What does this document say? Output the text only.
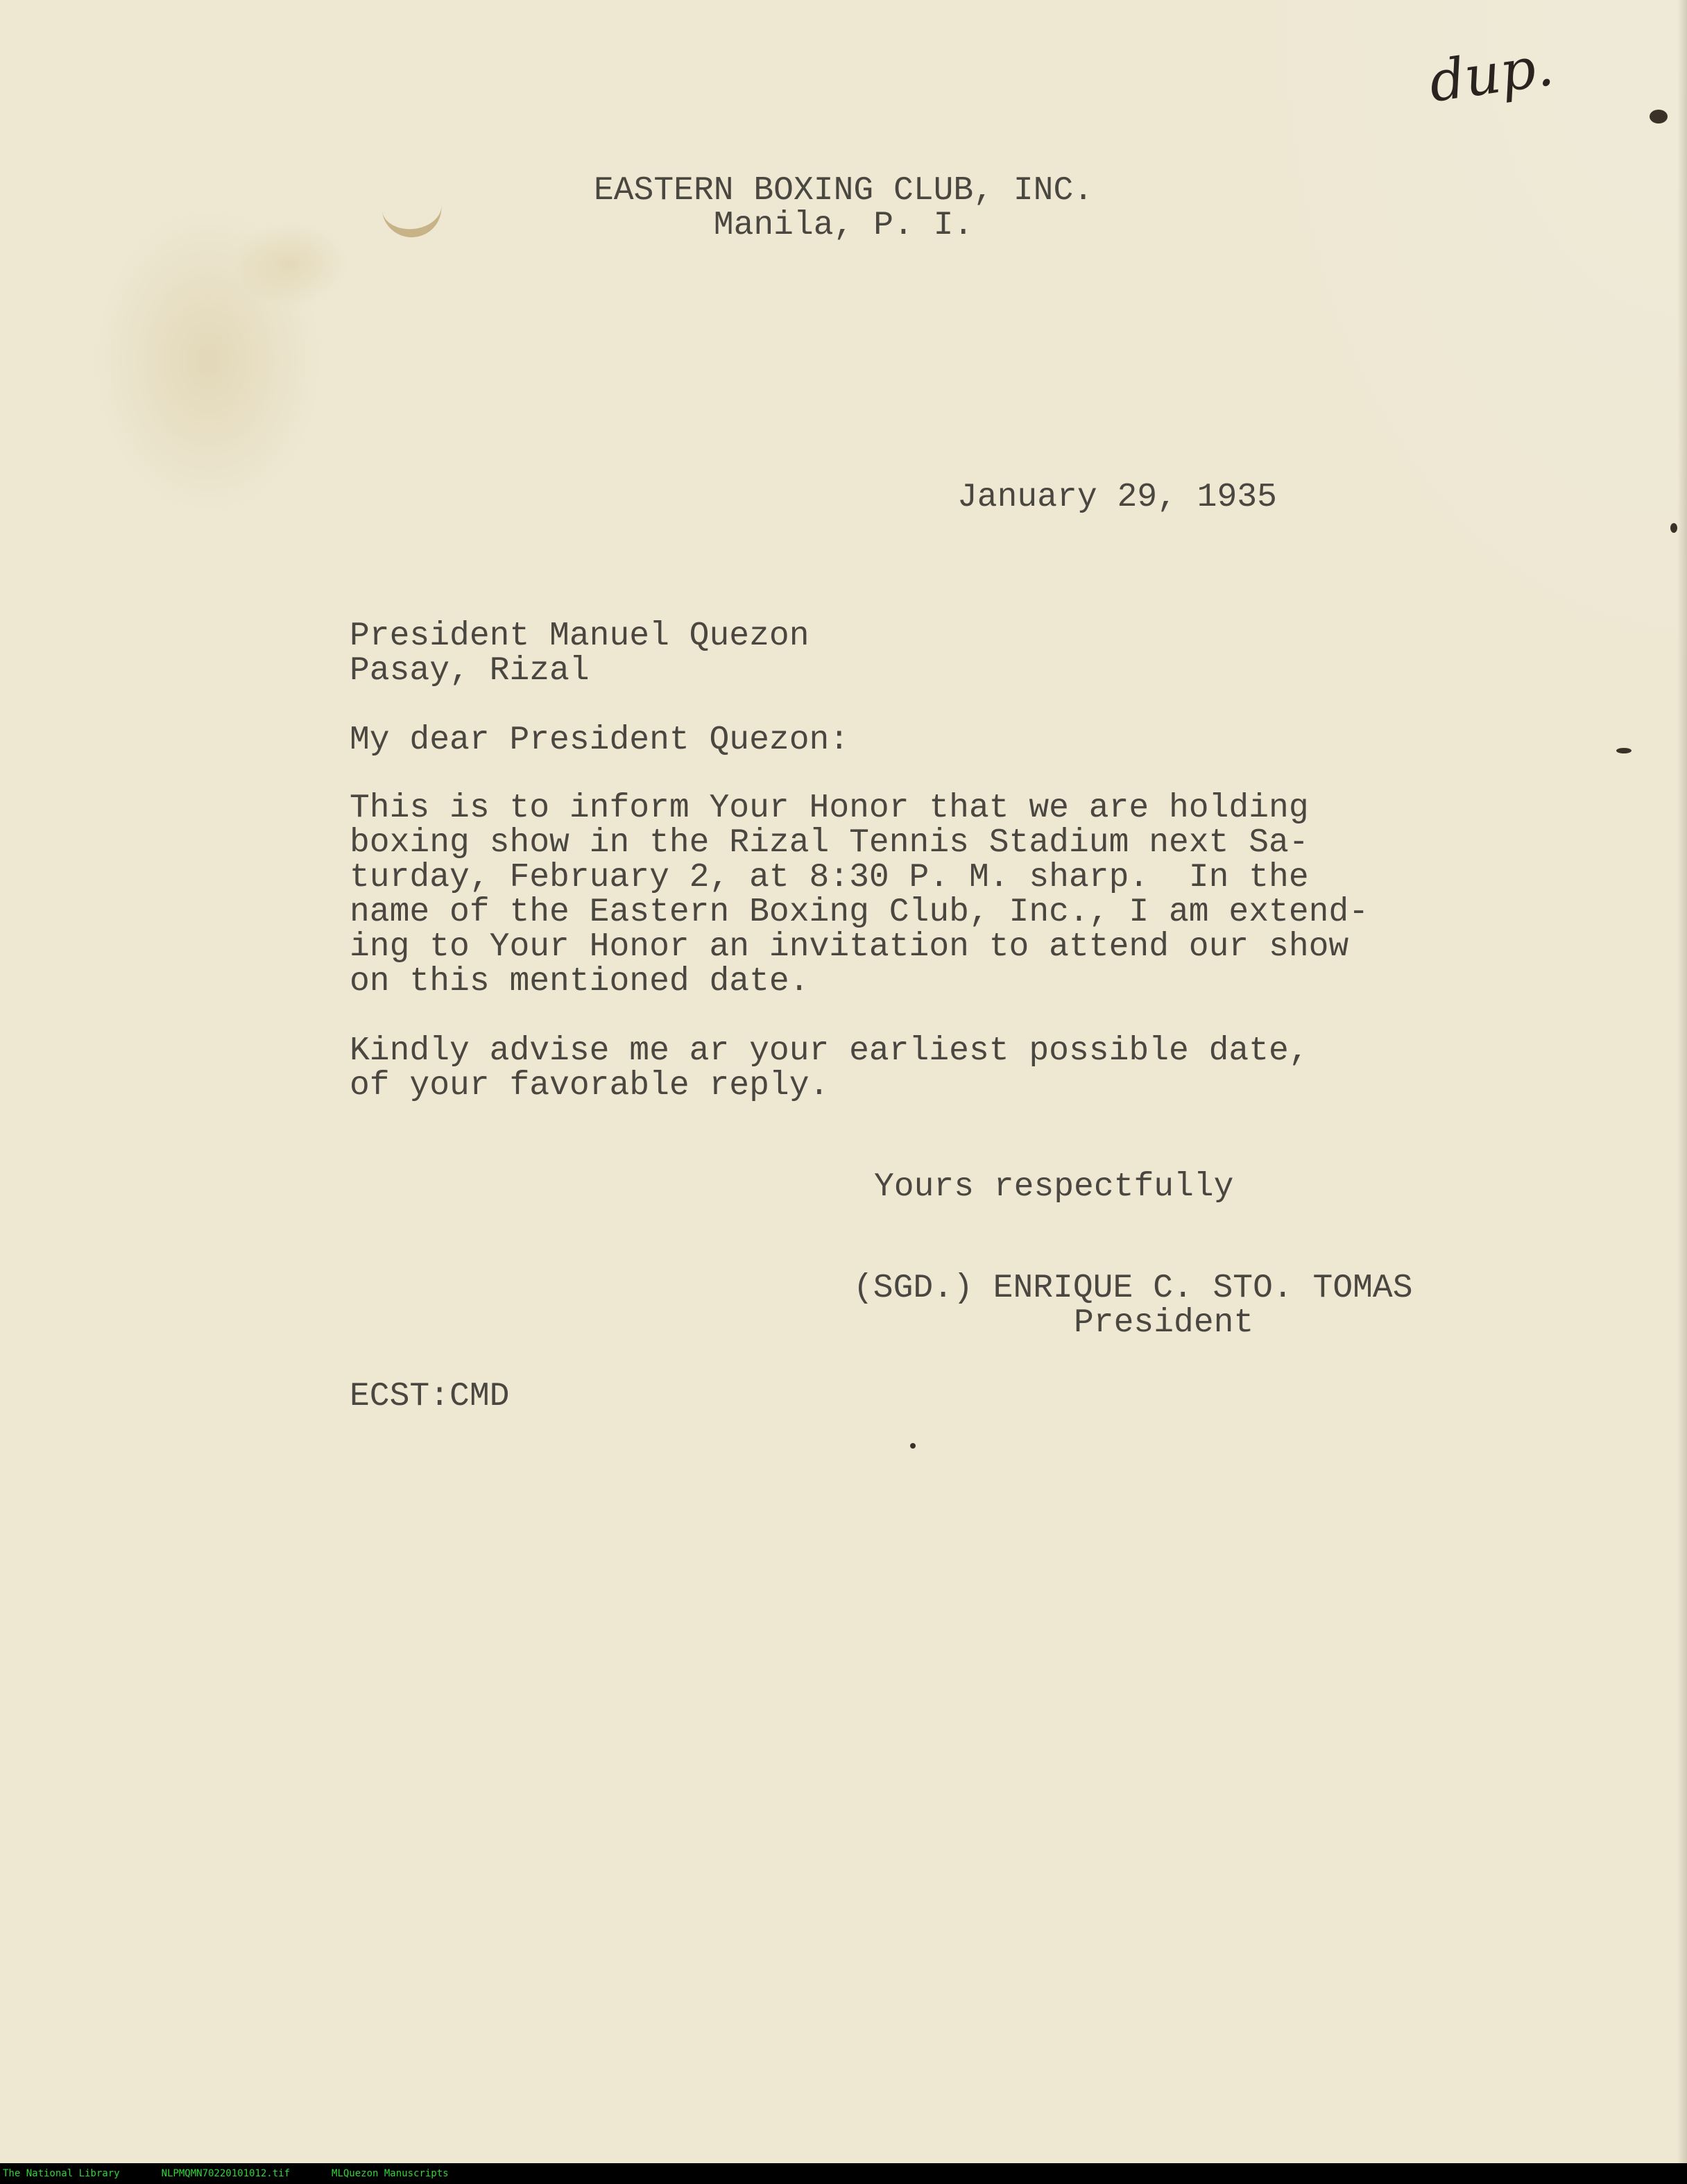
dup.

EASTERN BOXING CLUB, INC.

Manila, P. I.

January 29, 1935

President Manuel Quezon

Pasay, Rizal

My dear President Quezon:

This is to inform Your Honor that we are holding

boxing show in the Rizal Tennis Stadium next Sa-

turday, February 2, at 8:30 P. M. sharp.  In the

name of the Eastern Boxing Club, Inc., I am extend-

ing to Your Honor an invitation to attend our show

on this mentioned date.

Kindly advise me ar your earliest possible date,

of your favorable reply.

Yours respectfully

(SGD.) ENRIQUE C. STO. TOMAS

President

ECST:CMD

The National Library	NLPMQMN70220101012.tif	MLQuezon Manuscripts
